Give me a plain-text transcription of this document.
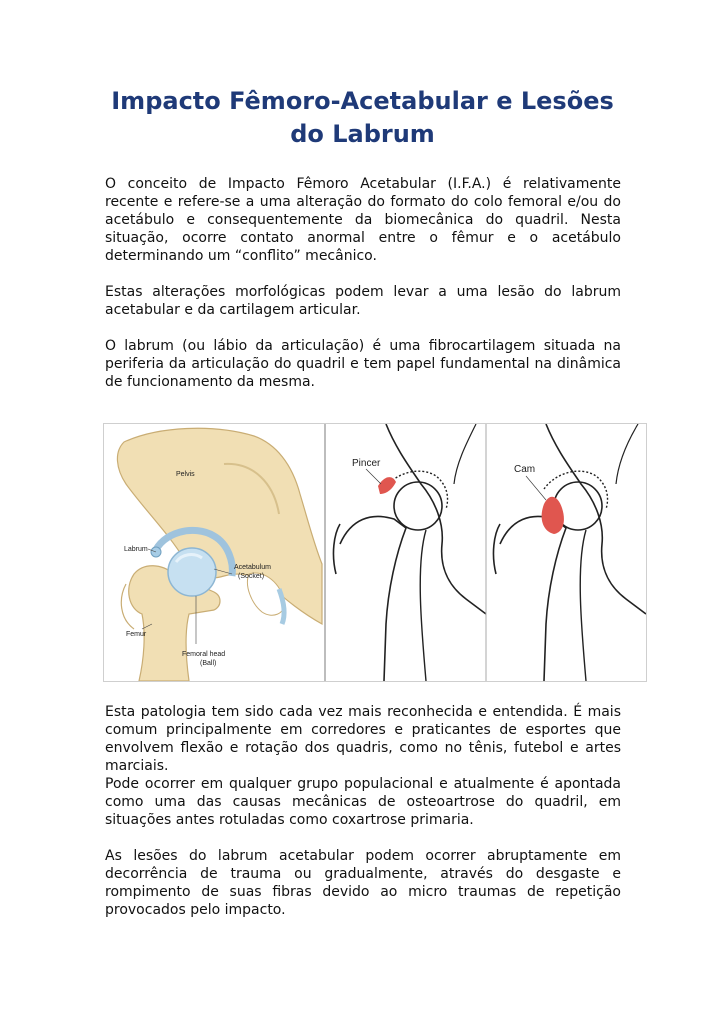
Impacto Fêmoro-Acetabular e Lesões do Labrum

O conceito de Impacto Fêmoro Acetabular (I.F.A.) é relativamente recente e refere-se a uma alteração do formato do colo femoral e/ou do acetábulo e consequentemente da biomecânica do quadril. Nesta situação, ocorre contato anormal entre o fêmur e o acetábulo determinando um “conflito” mecânico.

Estas alterações morfológicas podem levar a uma lesão do labrum acetabular e da cartilagem articular.

O labrum (ou lábio da articulação) é uma fibrocartilagem situada na periferia da articulação do quadril e tem papel fundamental na dinâmica de funcionamento da mesma.

Pelvis
Labrum
Acetabulum
(Socket)
Femur
Femoral head
(Ball)
Pincer
Cam

Esta patologia tem sido cada vez mais reconhecida e entendida. É mais comum principalmente em corredores e praticantes de esportes que envolvem flexão e rotação dos quadris, como no tênis, futebol e artes marciais.

Pode ocorrer em qualquer grupo populacional e atualmente é apontada como uma das causas mecânicas de osteoartrose do quadril, em situações antes rotuladas como coxartrose primaria.

As lesões do labrum acetabular podem ocorrer abruptamente em decorrência de trauma ou gradualmente, através do desgaste e rompimento de suas fibras devido ao micro traumas de repetição provocados pelo impacto.
